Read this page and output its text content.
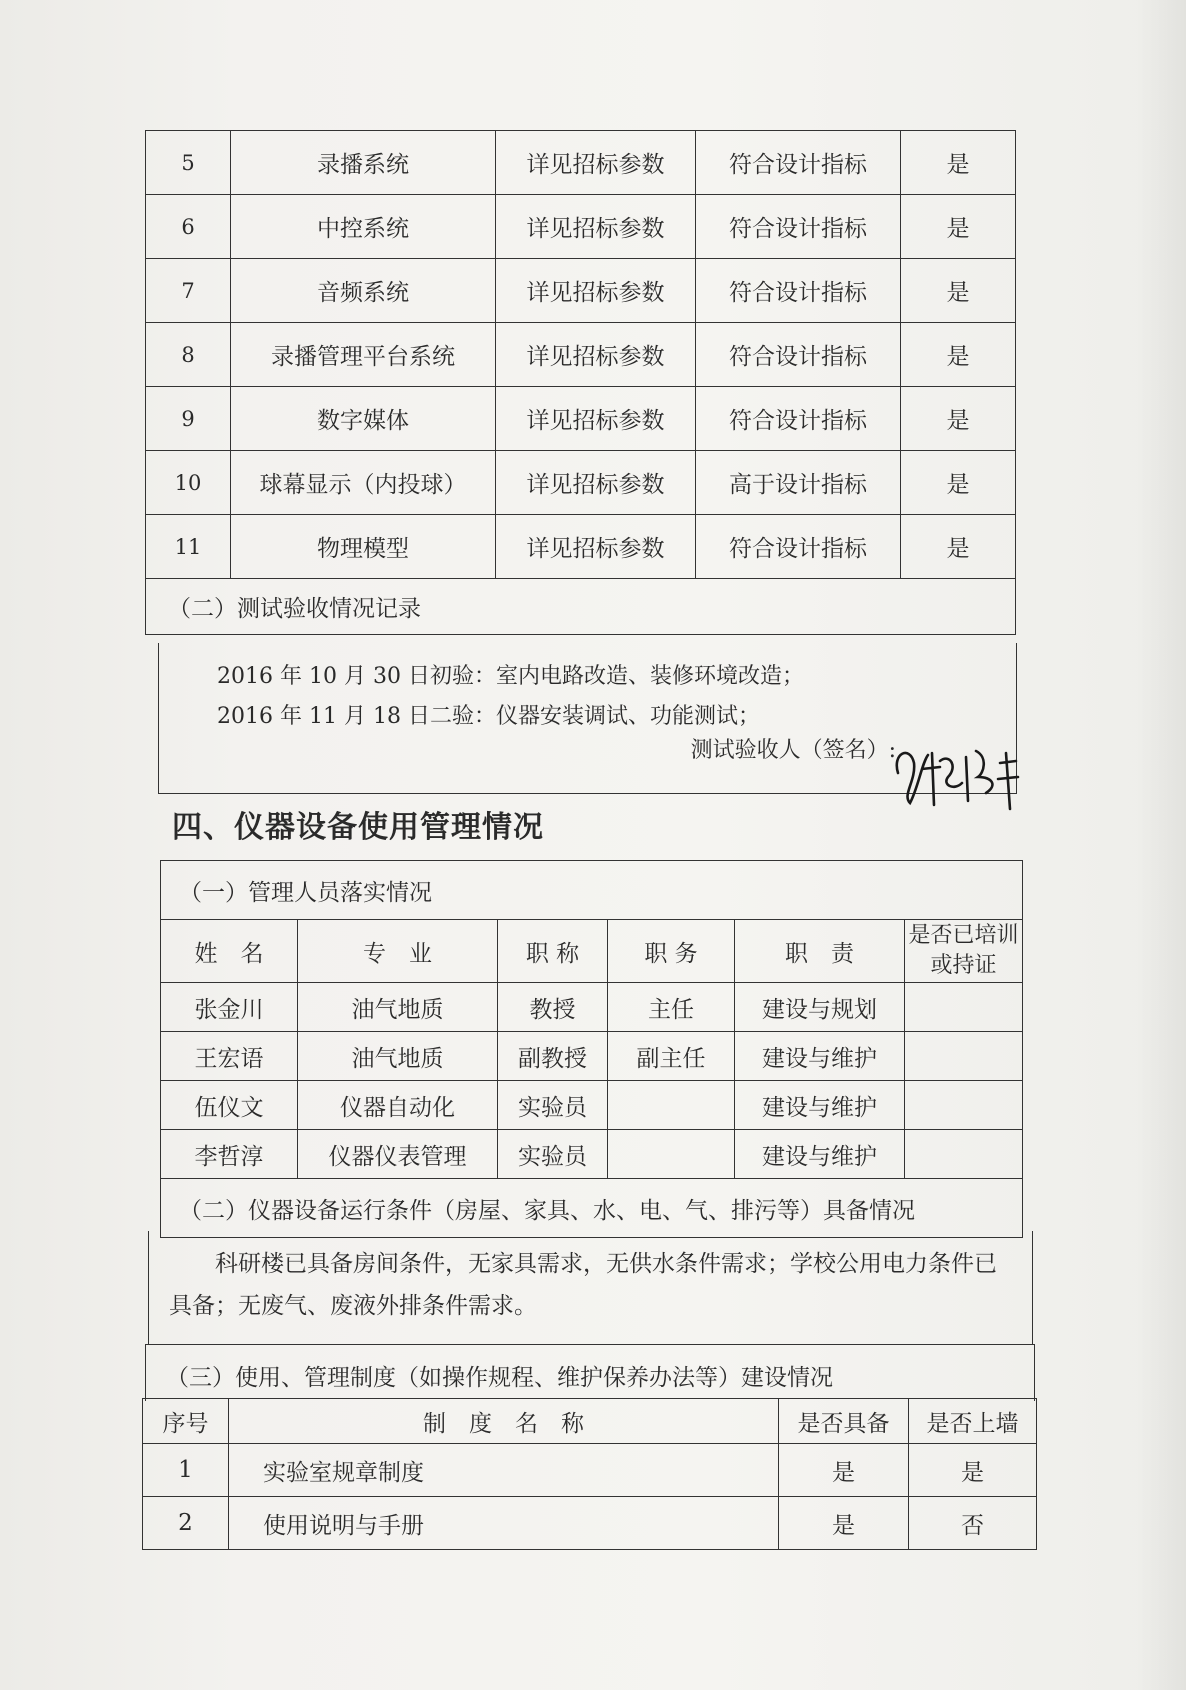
5	录播系统	详见招标参数	符合设计指标	是
6	中控系统	详见招标参数	符合设计指标	是
7	音频系统	详见招标参数	符合设计指标	是
8	录播管理平台系统	详见招标参数	符合设计指标	是
9	数字媒体	详见招标参数	符合设计指标	是
10	球幕显示（内投球）	详见招标参数	高于设计指标	是
11	物理模型	详见招标参数	符合设计指标	是
（二）测试验收情况记录				
2016 年 10 月 30 日初验：室内电路改造、装修环境改造；
2016 年 11 月 18 日二验：仪器安装调试、功能测试；
测试验收人（签名）:
四、仪器设备使用管理情况
（一）管理人员落实情况					
姓　名	专　业	职 称	职 务	职　责	是否已培训或持证
张金川	油气地质	教授	主任	建设与规划	
王宏语	油气地质	副教授	副主任	建设与维护	
伍仪文	仪器自动化	实验员		建设与维护	
李哲淳	仪器仪表管理	实验员		建设与维护	
（二）仪器设备运行条件（房屋、家具、水、电、气、排污等）具备情况					

科研楼已具备房间条件，无家具需求，无供水条件需求；学校公用电力条件已具备；无废气、废液外排条件需求。

（三）使用、管理制度（如操作规程、维护保养办法等）建设情况
序号	制　度　名　称	是否具备	是否上墙
1	实验室规章制度	是	是
2	使用说明与手册	是	否
